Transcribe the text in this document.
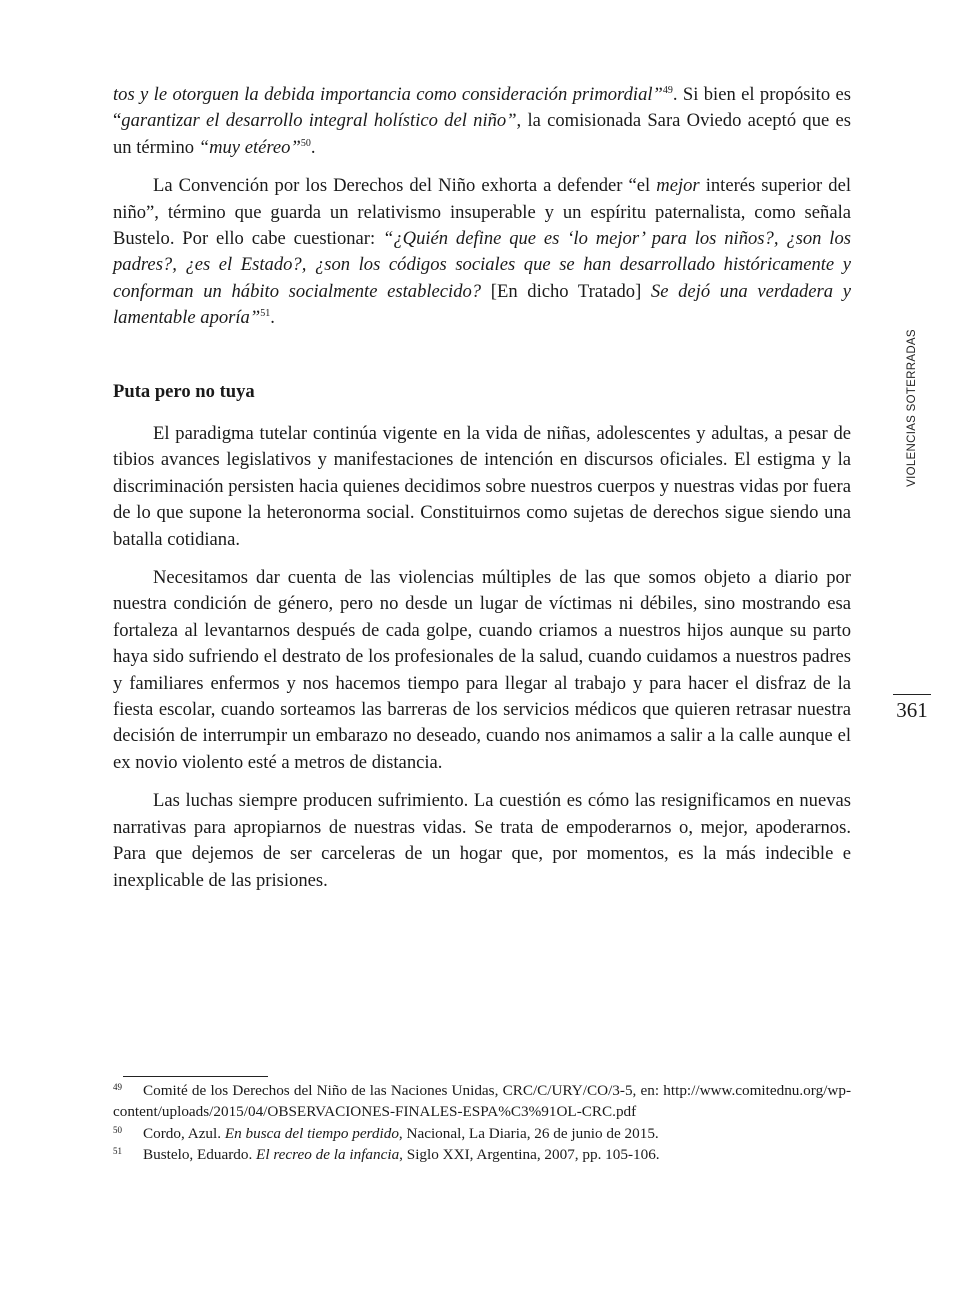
tos y le otorguen la debida importancia como consideración primordial”$^{49}$. Si bien el propósito es “garantizar el desarrollo integral holístico del niño”, la comisionada Sara Oviedo aceptó que es un término “muy etéreo”$^{50}$.

La Convención por los Derechos del Niño exhorta a defender “el mejor interés superior del niño”, término que guarda un relativismo insuperable y un espíritu paternalista, como señala Bustelo. Por ello cabe cuestionar: “¿Quién define que es ‘lo mejor’ para los niños?, ¿son los padres?, ¿es el Estado?, ¿son los códigos sociales que se han desarrollado históricamente y conforman un hábito socialmente establecido? [En dicho Tratado] Se dejó una verdadera y lamentable aporía”$^{51}$.

Puta pero no tuya

El paradigma tutelar continúa vigente en la vida de niñas, adolescentes y adultas, a pesar de tibios avances legislativos y manifestaciones de intención en discursos oficiales. El estigma y la discriminación persisten hacia quienes decidimos sobre nuestros cuerpos y nuestras vidas por fuera de lo que supone la heteronorma social. Constituirnos como sujetas de derechos sigue siendo una batalla cotidiana.

Necesitamos dar cuenta de las violencias múltiples de las que somos objeto a diario por nuestra condición de género, pero no desde un lugar de víctimas ni débiles, sino mostrando esa fortaleza al levantarnos después de cada golpe, cuando criamos a nuestros hijos aunque su parto haya sido sufriendo el destrato de los profesionales de la salud, cuando cuidamos a nuestros padres y familiares enfermos y nos hacemos tiempo para llegar al trabajo y para hacer el disfraz de la fiesta escolar, cuando sorteamos las barreras de los servicios médicos que quieren retrasar nuestra decisión de interrumpir un embarazo no deseado, cuando nos animamos a salir a la calle aunque el ex novio violento esté a metros de distancia.

Las luchas siempre producen sufrimiento. La cuestión es cómo las resignificamos en nuevas narrativas para apropiarnos de nuestras vidas. Se trata de empoderarnos o, mejor, apoderarnos. Para que dejemos de ser carceleras de un hogar que, por momentos, es la más indecible e inexplicable de las prisiones.

VIOLENCIAS SOTERRADAS
361
49	Comité de los Derechos del Niño de las Naciones Unidas, CRC/C/URY/CO/3-5, en: http://www.comitednu.org/wp-content/uploads/2015/04/OBSERVACIONES-FINALES-ESPA%C3%91OL-CRC.pdf
50 Cordo, Azul. En busca del tiempo perdido, Nacional, La Diaria, 26 de junio de 2015.
51 Bustelo, Eduardo. El recreo de la infancia, Siglo XXI, Argentina, 2007, pp. 105-106.
